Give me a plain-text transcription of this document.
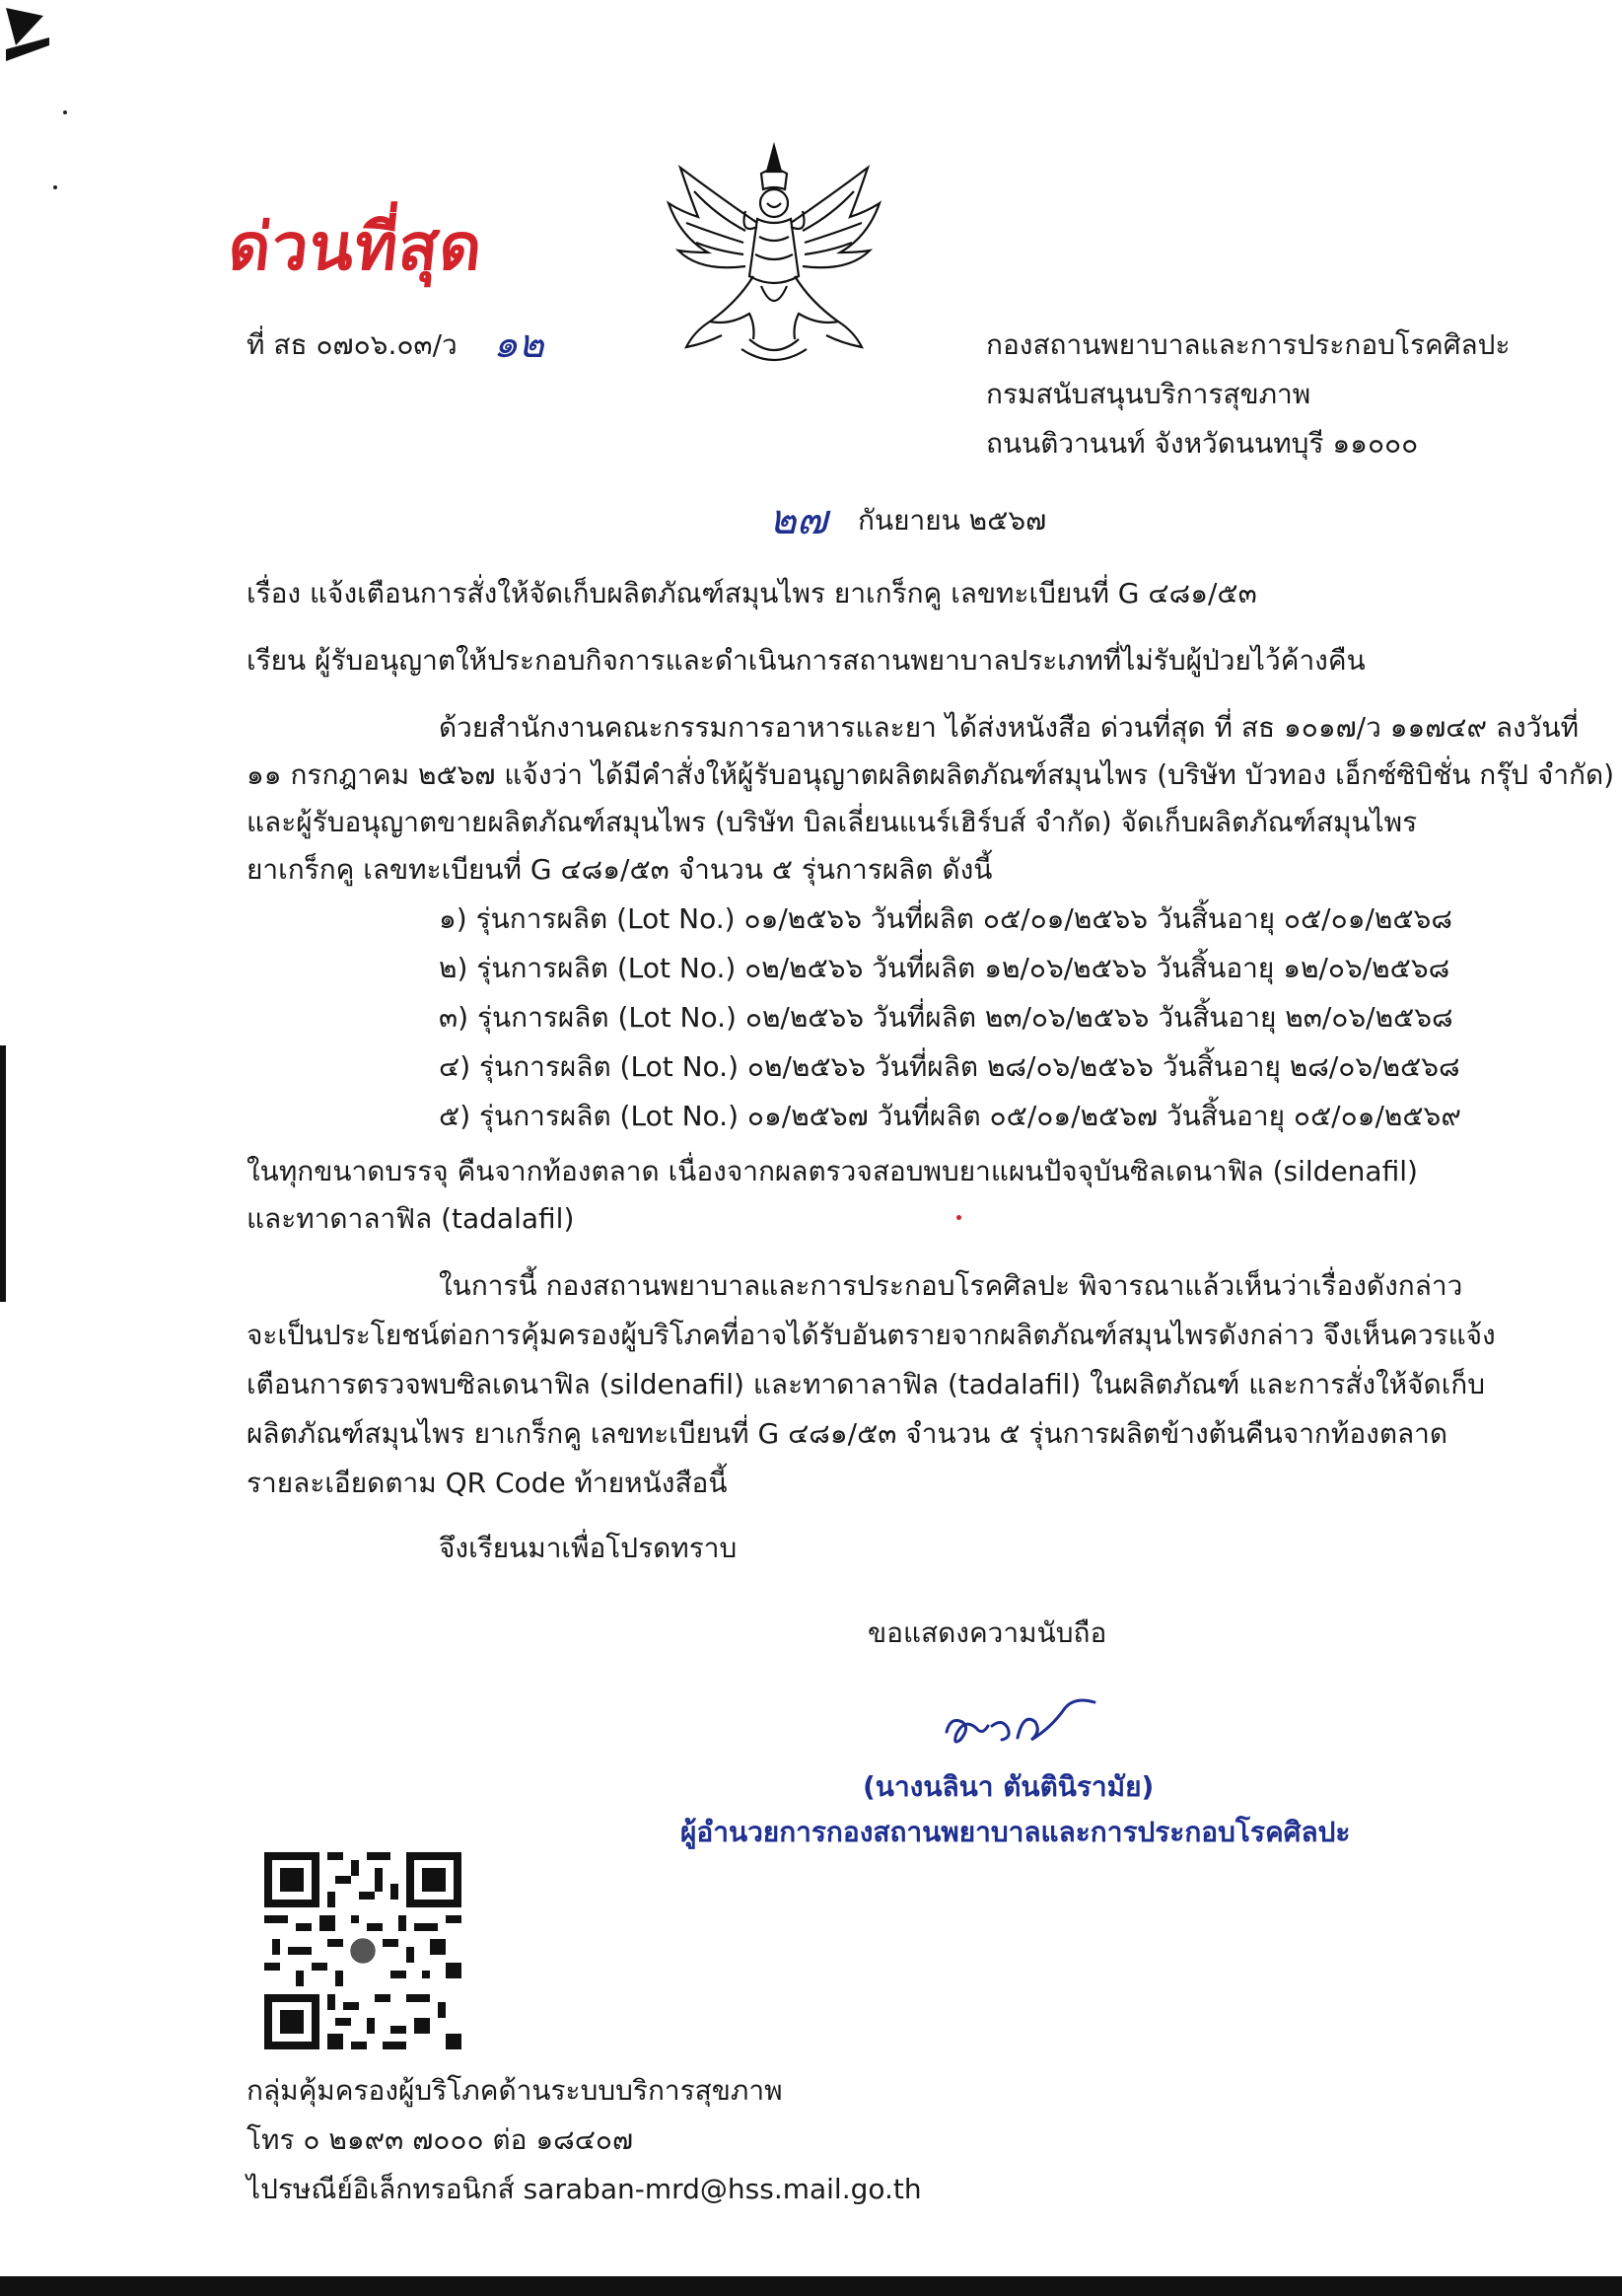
ด่วนที่สุด
ที่ สธ ๐๗๐๖.๐๓/ว ๑๒	กองสถานพยาบาลและการประกอบโรคศิลปะ
กรมสนับสนุนบริการสุขภาพ
ถนนติวานนท์ จังหวัดนนทบุรี ๑๑๐๐๐
๒๗ กันยายน ๒๕๖๗
เรื่อง แจ้งเตือนการสั่งให้จัดเก็บผลิตภัณฑ์สมุนไพร ยาเกร็กคู เลขทะเบียนที่ G ๔๘๑/๕๓
เรียน ผู้รับอนุญาตให้ประกอบกิจการและดำเนินการสถานพยาบาลประเภทที่ไม่รับผู้ป่วยไว้ค้างคืน
ด้วยสำนักงานคณะกรรมการอาหารและยา ได้ส่งหนังสือ ด่วนที่สุด ที่ สธ ๑๐๑๗/ว ๑๑๗๔๙ ลงวันที่
๑๑ กรกฎาคม ๒๕๖๗ แจ้งว่า ได้มีคำสั่งให้ผู้รับอนุญาตผลิตผลิตภัณฑ์สมุนไพร (บริษัท บัวทอง เอ็กซ์ซิบิชั่น กรุ๊ป จำกัด)
และผู้รับอนุญาตขายผลิตภัณฑ์สมุนไพร (บริษัท บิลเลี่ยนแนร์เฮิร์บส์ จำกัด) จัดเก็บผลิตภัณฑ์สมุนไพร
ยาเกร็กคู เลขทะเบียนที่ G ๔๘๑/๕๓ จำนวน ๕ รุ่นการผลิต ดังนี้
๑) รุ่นการผลิต (Lot No.) ๐๑/๒๕๖๖ วันที่ผลิต ๐๕/๐๑/๒๕๖๖ วันสิ้นอายุ ๐๕/๐๑/๒๕๖๘
๒) รุ่นการผลิต (Lot No.) ๐๒/๒๕๖๖ วันที่ผลิต ๑๒/๐๖/๒๕๖๖ วันสิ้นอายุ ๑๒/๐๖/๒๕๖๘
๓) รุ่นการผลิต (Lot No.) ๐๒/๒๕๖๖ วันที่ผลิต ๒๓/๐๖/๒๕๖๖ วันสิ้นอายุ ๒๓/๐๖/๒๕๖๘
๔) รุ่นการผลิต (Lot No.) ๐๒/๒๕๖๖ วันที่ผลิต ๒๘/๐๖/๒๕๖๖ วันสิ้นอายุ ๒๘/๐๖/๒๕๖๘
๕) รุ่นการผลิต (Lot No.) ๐๑/๒๕๖๗ วันที่ผลิต ๐๕/๐๑/๒๕๖๗ วันสิ้นอายุ ๐๕/๐๑/๒๕๖๙
ในทุกขนาดบรรจุ คืนจากท้องตลาด เนื่องจากผลตรวจสอบพบยาแผนปัจจุบันซิลเดนาฟิล (sildenafil)
และทาดาลาฟิล (tadalafil)
ในการนี้ กองสถานพยาบาลและการประกอบโรคศิลปะ พิจารณาแล้วเห็นว่าเรื่องดังกล่าว
จะเป็นประโยชน์ต่อการคุ้มครองผู้บริโภคที่อาจได้รับอันตรายจากผลิตภัณฑ์สมุนไพรดังกล่าว จึงเห็นควรแจ้ง
เตือนการตรวจพบซิลเดนาฟิล (sildenafil) และทาดาลาฟิล (tadalafil) ในผลิตภัณฑ์ และการสั่งให้จัดเก็บ
ผลิตภัณฑ์สมุนไพร ยาเกร็กคู เลขทะเบียนที่ G ๔๘๑/๕๓ จำนวน ๕ รุ่นการผลิตข้างต้นคืนจากท้องตลาด
รายละเอียดตาม QR Code ท้ายหนังสือนี้
จึงเรียนมาเพื่อโปรดทราบ
ขอแสดงความนับถือ
(นางนลินา ตันตินิรามัย)
ผู้อำนวยการกองสถานพยาบาลและการประกอบโรคศิลปะ
กลุ่มคุ้มครองผู้บริโภคด้านระบบบริการสุขภาพ
โทร ๐ ๒๑๙๓ ๗๐๐๐ ต่อ ๑๘๔๐๗
ไปรษณีย์อิเล็กทรอนิกส์ saraban-mrd@hss.mail.go.th
